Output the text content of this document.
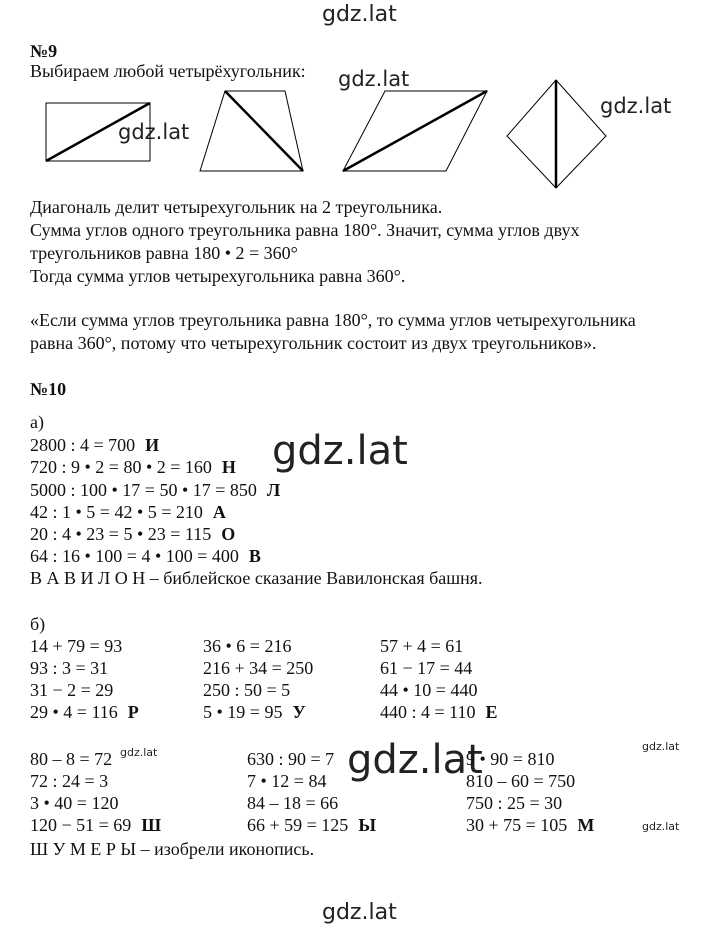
gdz.lat
gdz.lat
gdz.lat
gdz.lat
gdz.lat
gdz.lat	gdz.lat
gdz.lat
gdz.lat
gdz.lat
№9
Выбираем любой четырёхугольник:
Диагональ делит четырехугольник на 2 треугольника.
Сумма углов одного треугольника равна 180°. Значит, сумма углов двух
треугольников равна 180 • 2 = 360°
Тогда сумма углов четырехугольника равна 360°.
«Если сумма углов треугольника равна 180°, то сумма углов четырехугольника
равна 360°, потому что четырехугольник состоит из двух треугольников».
№10
а)
2800 : 4 = 700 И
720 : 9 • 2 = 80 • 2 = 160 Н
5000 : 100 • 17 = 50 • 17 = 850 Л
42 : 1 • 5 = 42 • 5 = 210 А
20 : 4 • 23 = 5 • 23 = 115 О
64 : 16 • 100 = 4 • 100 = 400 В
В А В И Л О Н – библейское сказание Вавилонская башня.
б)
14 + 79 = 93
93 : 3 = 31
31 − 2 = 29
29 • 4 = 116 Р
36 • 6 = 216
216 + 34 = 250
250 : 50 = 5
5 • 19 = 95 У
57 + 4 = 61
61 − 17 = 44
44 • 10 = 440
440 : 4 = 110 Е
80 – 8 = 72
72 : 24 = 3
3 • 40 = 120
120 − 51 = 69 Ш
630 : 90 = 7
7 • 12 = 84
84 – 18 = 66
66 + 59 = 125 Ы
9 • 90 = 810
810 – 60 = 750
750 : 25 = 30
30 + 75 = 105 М
Ш У М Е Р Ы – изобрели иконопись.
